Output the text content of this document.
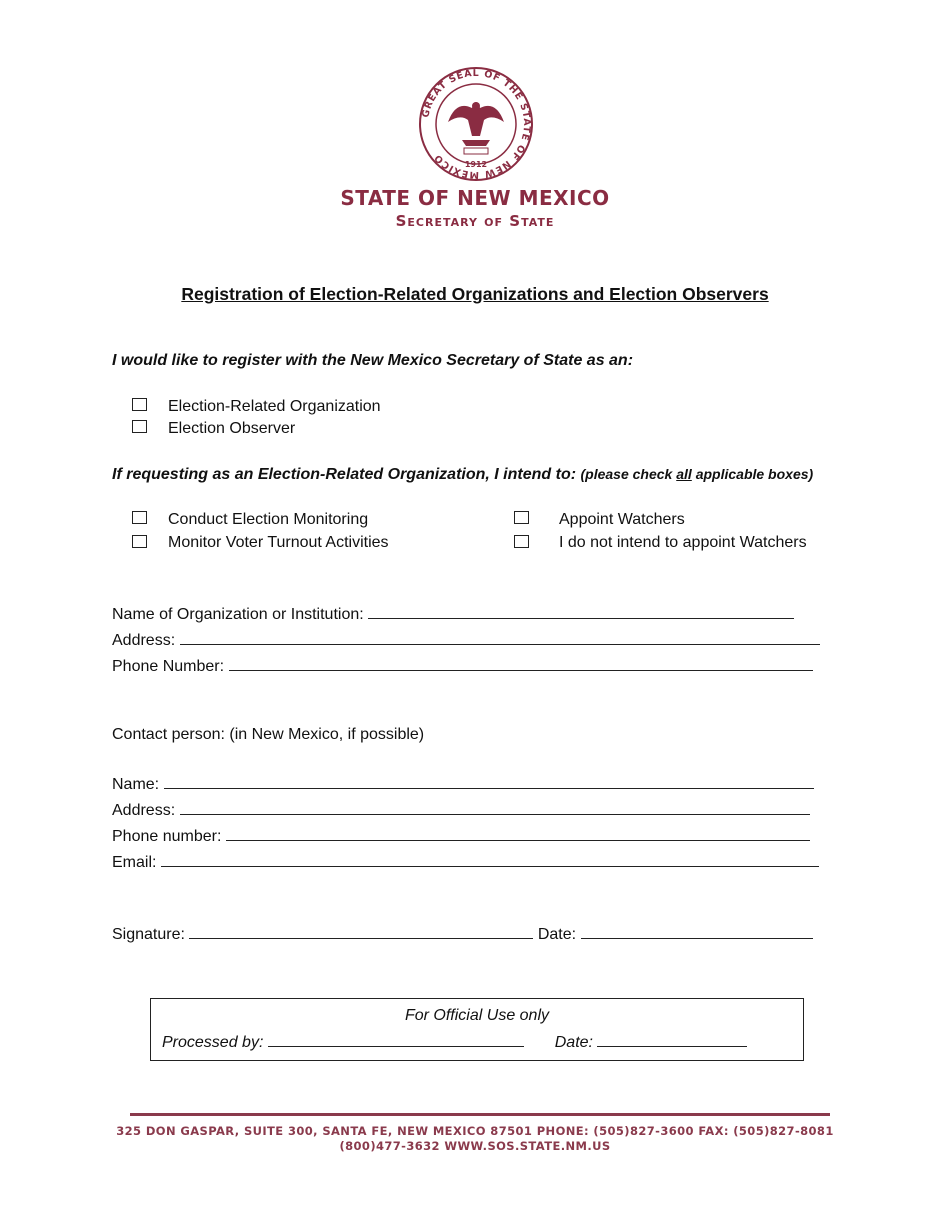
GREAT SEAL OF THE STATE OF NEW MEXICO	1912
STATE OF NEW MEXICO
Secretary of State
Registration of Election-Related Organizations and Election Observers
I would like to register with the New Mexico Secretary of State as an:
Election-Related Organization
Election Observer
If requesting as an Election-Related Organization, I intend to: (please check all applicable boxes)
Conduct Election Monitoring
Monitor Voter Turnout Activities
Appoint Watchers
I do not intend to appoint Watchers
Name of Organization or Institution:
Address:
Phone Number:
Contact person: (in New Mexico, if possible)
Name:
Address:
Phone number:
Email:
Signature:	Date:
For Official Use only
Processed by:	Date:
325 DON GASPAR, SUITE 300, SANTA FE, NEW MEXICO 87501 PHONE: (505)827-3600 FAX: (505)827-8081
(800)477-3632 WWW.SOS.STATE.NM.US
